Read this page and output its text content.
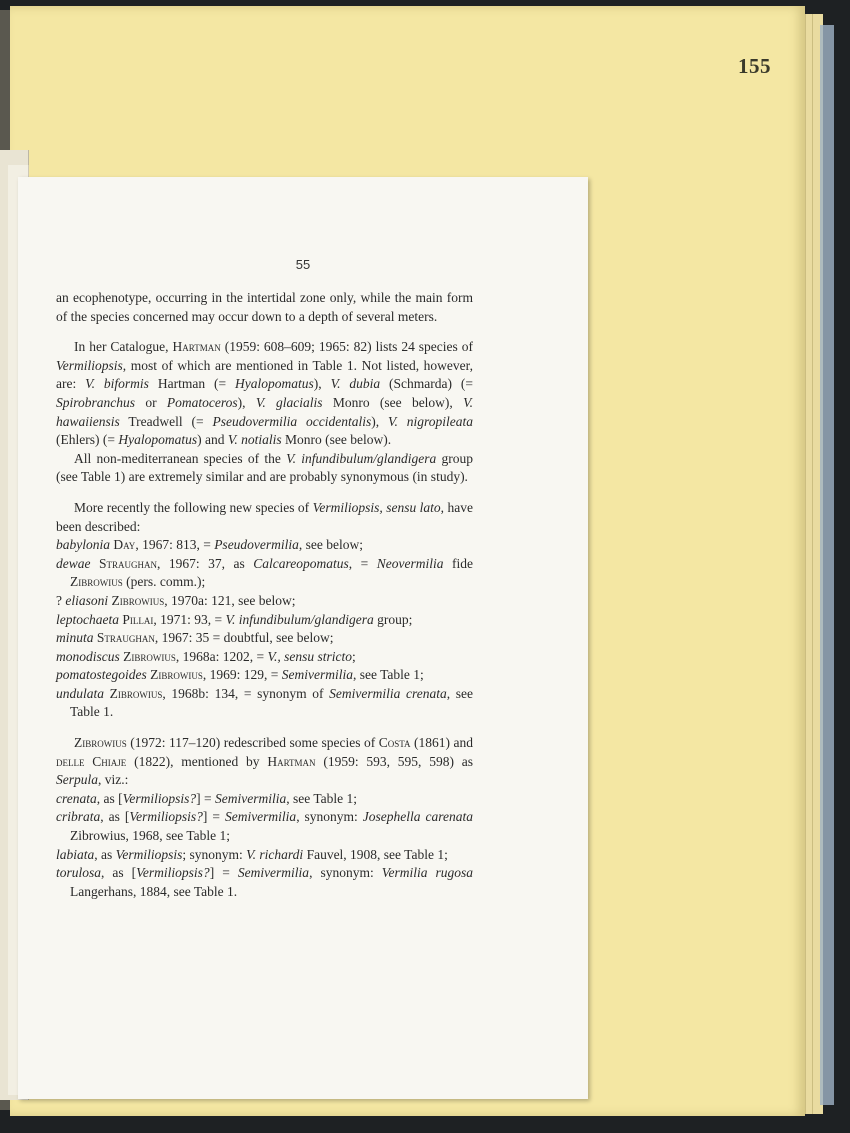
155
55

an ecophenotype, occurring in the intertidal zone only, while the main form of the species concerned may occur down to a depth of several meters.

In her Catalogue, Hartman (1959: 608–609; 1965: 82) lists 24 species of Vermiliopsis, most of which are mentioned in Table 1. Not listed, however, are: V. biformis Hartman (= Hyalopomatus), V. dubia (Schmarda) (= Spirobranchus or Pomatoceros), V. glacialis Monro (see below), V. hawaiiensis Treadwell (= Pseudovermilia occidentalis), V. nigropileata (Ehlers) (= Hyalopomatus) and V. notialis Monro (see below).

All non-mediterranean species of the V. infundibulum/glandigera group (see Table 1) are extremely similar and are probably synonymous (in study).

More recently the following new species of Vermiliopsis, sensu lato, have been described:

babylonia Day, 1967: 813, = Pseudovermilia, see below;

dewae Straughan, 1967: 37, as Calcareopomatus, = Neovermilia fide Zibrowius (pers. comm.);

? eliasoni Zibrowius, 1970a: 121, see below;

leptochaeta Pillai, 1971: 93, = V. infundibulum/glandigera group;

minuta Straughan, 1967: 35 = doubtful, see below;

monodiscus Zibrowius, 1968a: 1202, = V., sensu stricto;

pomatostegoides Zibrowius, 1969: 129, = Semivermilia, see Table 1;

undulata Zibrowius, 1968b: 134, = synonym of Semivermilia crenata, see Table 1.

Zibrowius (1972: 117–120) redescribed some species of Costa (1861) and delle Chiaje (1822), mentioned by Hartman (1959: 593, 595, 598) as Serpula, viz.:

crenata, as [Vermiliopsis?] = Semivermilia, see Table 1;

cribrata, as [Vermiliopsis?] = Semivermilia, synonym: Josephella carenata Zibrowius, 1968, see Table 1;

labiata, as Vermiliopsis; synonym: V. richardi Fauvel, 1908, see Table 1;

torulosa, as [Vermiliopsis?] = Semivermilia, synonym: Vermilia rugosa Langerhans, 1884, see Table 1.
